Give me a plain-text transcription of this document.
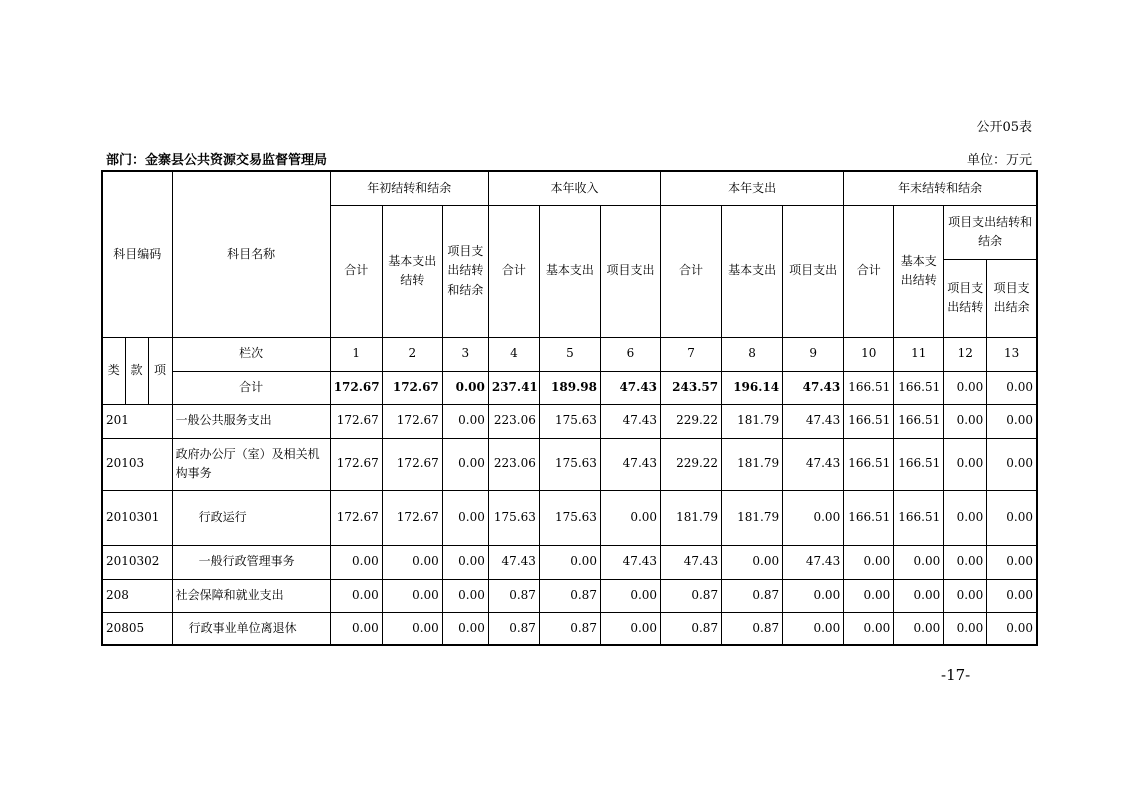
公开05表
部门：金寨县公共资源交易监督管理局	单位：万元
科目编码			科目名称	年初结转和结余			本年收入			本年支出			年末结转和结余			
				合计	基本支出结转	项目支出结转和结余	合计	基本支出	项目支出	合计	基本支出	项目支出	合计	基本支出结转	项目支出结转和结余	
															项目支出结转	项目支出结余

类	款	项	栏次	1	2	3	4	5	6	7	8	9	10	11	12	13
			合计	172.67	172.67	0.00	237.41	189.98	47.43	243.57	196.14	47.43	166.51	166.51	0.00	0.00
201			一般公共服务支出	172.67	172.67	0.00	223.06	175.63	47.43	229.22	181.79	47.43	166.51	166.51	0.00	0.00
20103			政府办公厅（室）及相关机构事务	172.67	172.67	0.00	223.06	175.63	47.43	229.22	181.79	47.43	166.51	166.51	0.00	0.00
2010301			行政运行	172.67	172.67	0.00	175.63	175.63	0.00	181.79	181.79	0.00	166.51	166.51	0.00	0.00
2010302			一般行政管理事务	0.00	0.00	0.00	47.43	0.00	47.43	47.43	0.00	47.43	0.00	0.00	0.00	0.00
208			社会保障和就业支出	0.00	0.00	0.00	0.87	0.87	0.00	0.87	0.87	0.00	0.00	0.00	0.00	0.00
20805			行政事业单位离退休	0.00	0.00	0.00	0.87	0.87	0.00	0.87	0.87	0.00	0.00	0.00	0.00	0.00
-17-
